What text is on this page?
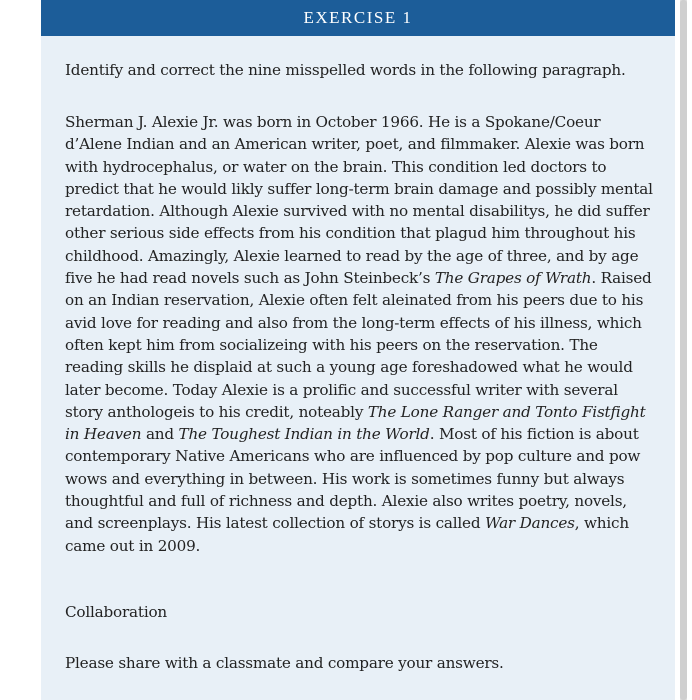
EXERCISE 1
Identify and correct the nine misspelled words in the following paragraph.

Sherman J. Alexie Jr. was born in October 1966. He is a Spokane/Coeur d’Alene Indian and an American writer, poet, and filmmaker. Alexie was born with hydrocephalus, or water on the brain. This condition led doctors to predict that he would likly suffer long-term brain damage and possibly mental retardation. Although Alexie survived with no mental disabilitys, he did suffer other serious side effects from his condition that plagud him throughout his childhood. Amazingly, Alexie learned to read by the age of three, and by age five he had read novels such as John Steinbeck’s The Grapes of Wrath. Raised on an Indian reservation, Alexie often felt aleinated from his peers due to his avid love for reading and also from the long-term effects of his illness, which often kept him from socializeing with his peers on the reservation. The reading skills he displaid at such a young age foreshadowed what he would later become. Today Alexie is a prolific and successful writer with several story anthologeis to his credit, noteably The Lone Ranger and Tonto Fistfight in Heaven and The Toughest Indian in the World. Most of his fiction is about contemporary Native Americans who are influenced by pop culture and pow wows and everything in between. His work is sometimes funny but always thoughtful and full of richness and depth. Alexie also writes poetry, novels, and screenplays. His latest collection of storys is called War Dances, which came out in 2009.

Collaboration
Please share with a classmate and compare your answers.
